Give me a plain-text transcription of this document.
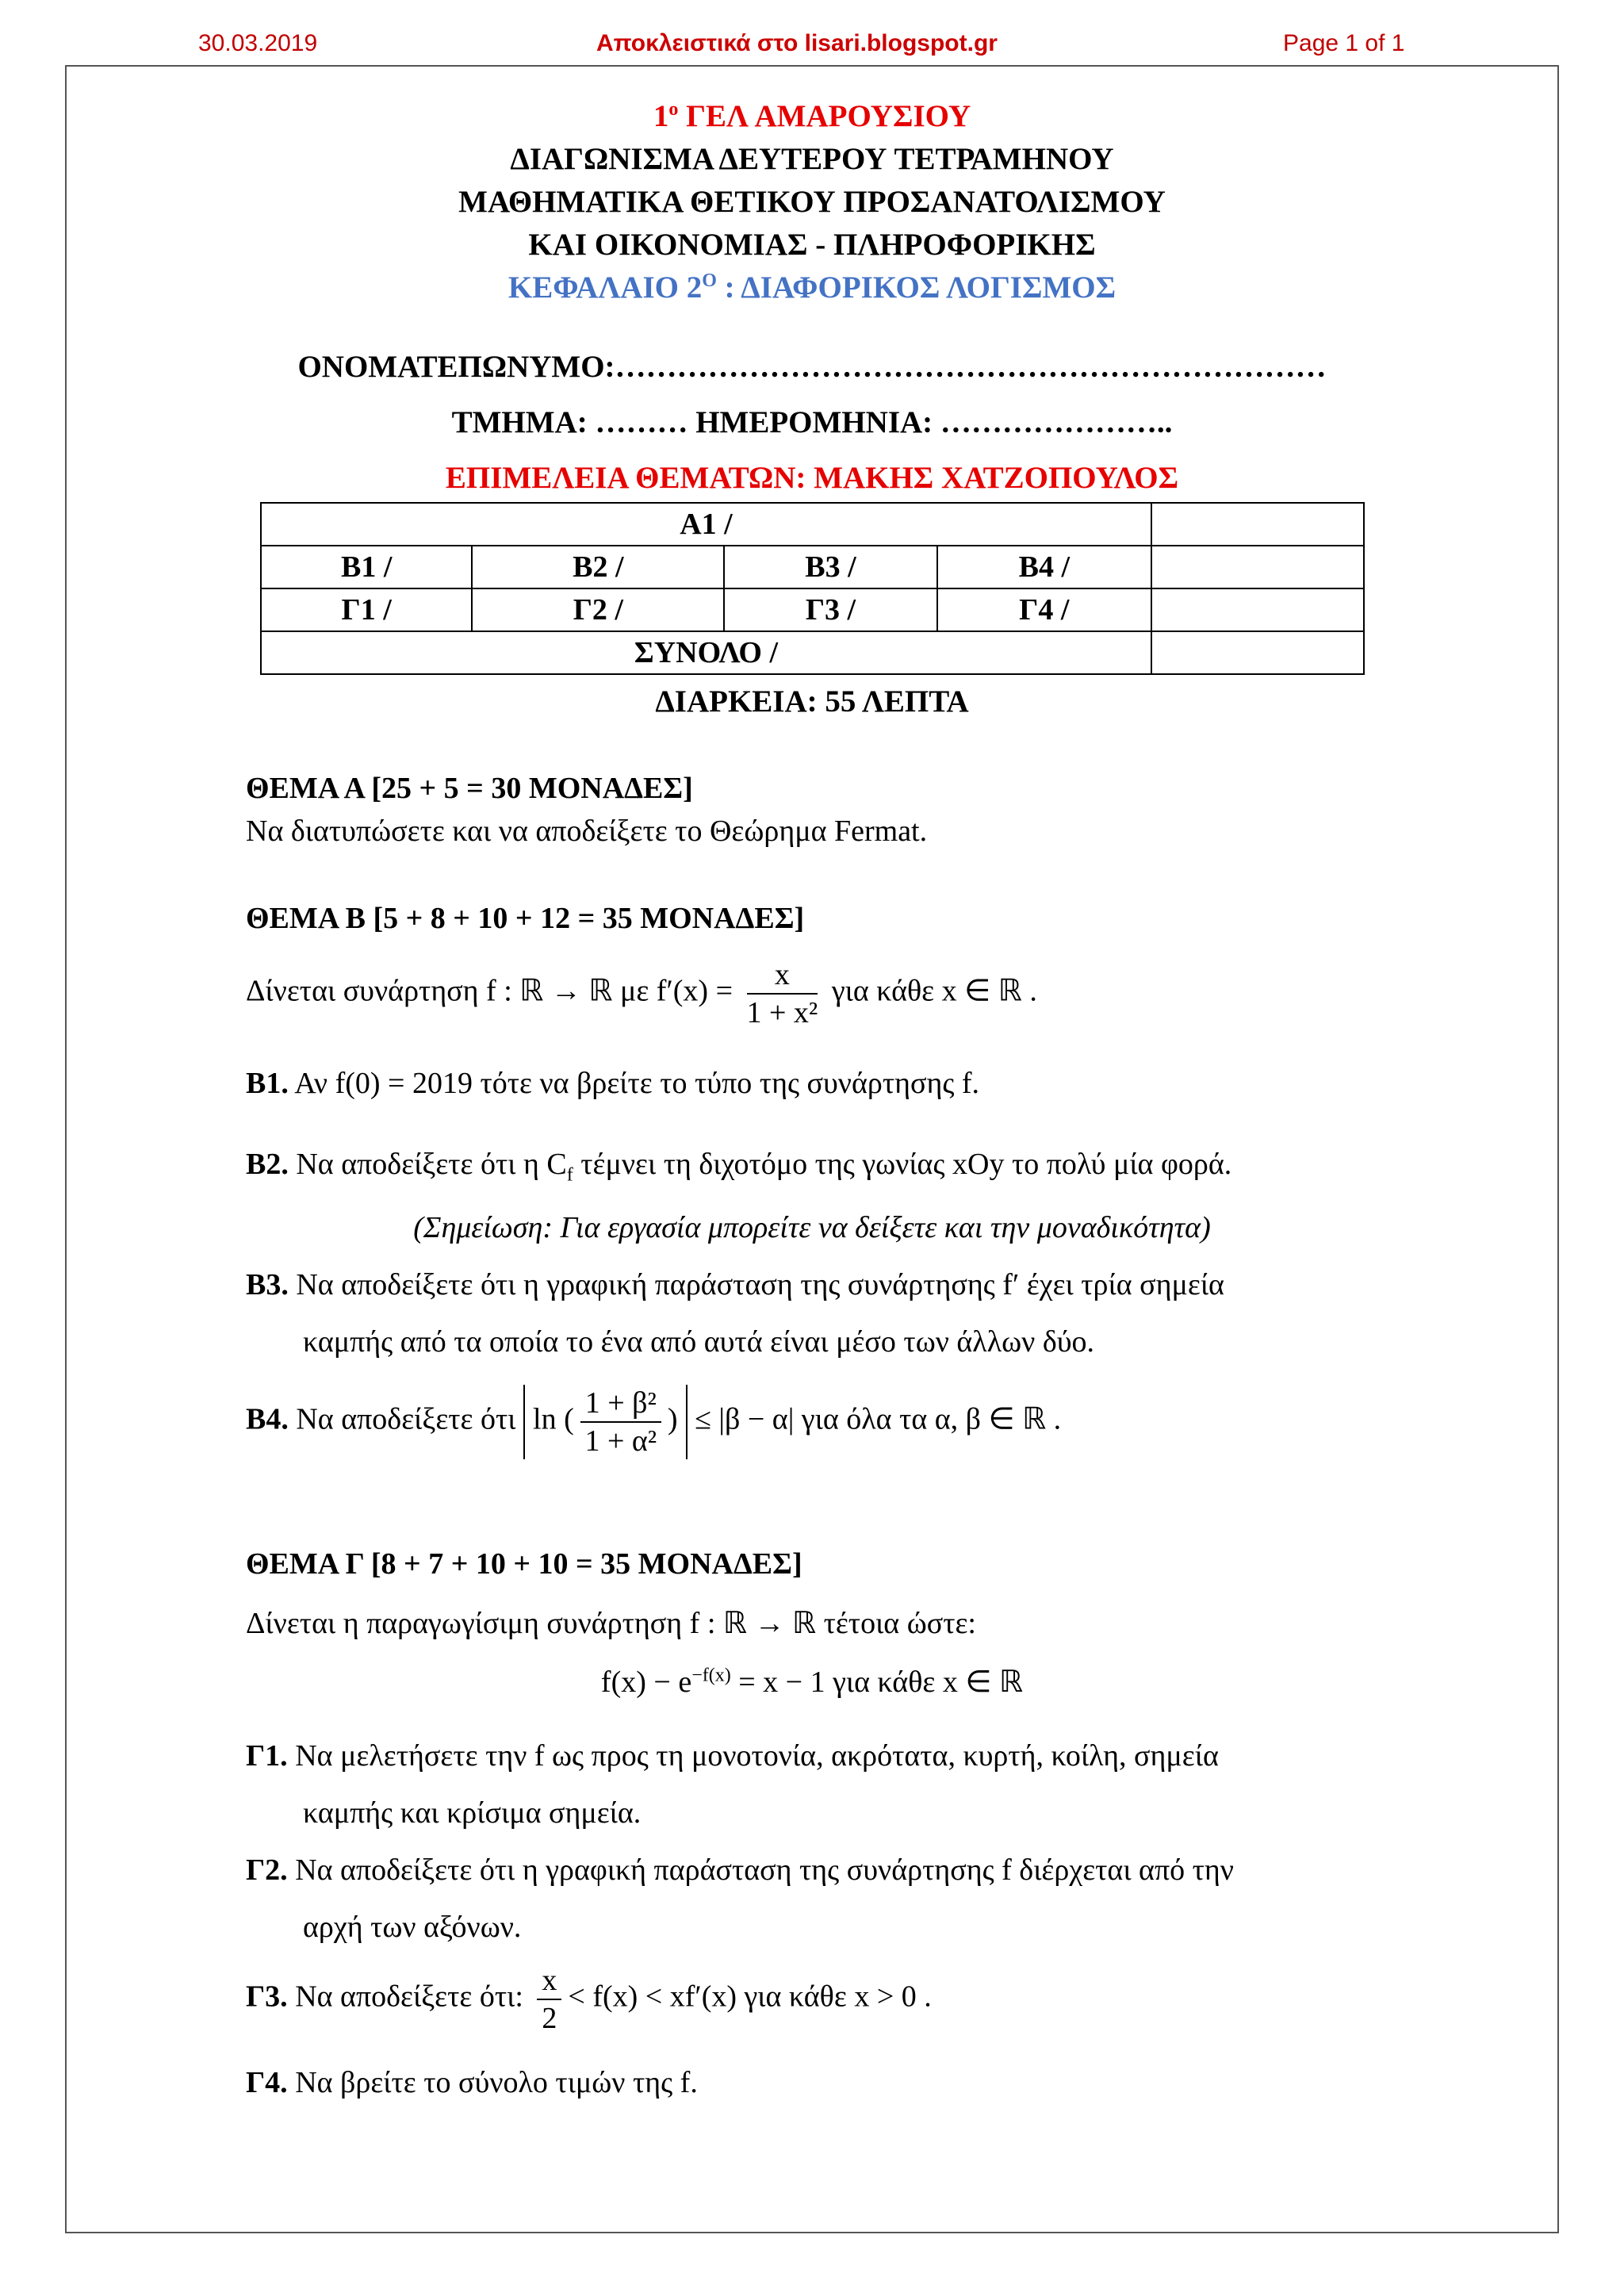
30.03.2019	Αποκλειστικά στο lisari.blogspot.gr	Page 1 of 1
$1^o$ ΓΕΛ ΑΜΑΡΟΥΣΙΟΥ
ΔΙΑΓΩΝΙΣΜΑ ΔΕΥΤΕΡΟΥ ΤΕΤΡΑΜΗΝΟΥ
ΜΑΘΗΜΑΤΙΚΑ ΘΕΤΙΚΟΥ ΠΡΟΣΑΝΑΤΟΛΙΣΜΟΥ
ΚΑΙ ΟΙΚΟΝΟΜΙΑΣ - ΠΛΗΡΟΦΟΡΙΚΗΣ
ΚΕΦΑΛΑΙΟ $2^O$ : ΔΙΑΦΟΡΙΚΟΣ ΛΟΓΙΣΜΟΣ
ΟΝΟΜΑΤΕΠΩΝΥΜΟ:……………………………………………………………
ΤΜΗΜΑ: ……… ΗΜΕΡΟΜΗΝΙΑ: …………………..
ΕΠΙΜΕΛΕΙΑ ΘΕΜΑΤΩΝ: ΜΑΚΗΣ ΧΑΤΖΟΠΟΥΛΟΣ
Α1 /				
Β1 /	Β2 /	Β3 /	Β4 /	
Γ1 /	Γ2 /	Γ3 /	Γ4 /	
ΣΥΝΟΛΟ /				
ΔΙΑΡΚΕΙΑ: 55 ΛΕΠΤΑ
ΘΕΜΑ Α [25 + 5 = 30 ΜΟΝΑΔΕΣ]
Να διατυπώσετε και να αποδείξετε το Θεώρημα Fermat.
ΘΕΜΑ Β [5 + 8 + 10 + 12 = 35 ΜΟΝΑΔΕΣ]
Δίνεται συνάρτηση f : ℝ → ℝ με $f'(x) = \frac{x}{\text{1 + x²}}$ για κάθε x ∈ ℝ .
Β1. Αν f(0) = 2019 τότε να βρείτε το τύπο της συνάρτησης f.
Β2. Να αποδείξετε ότι η $C_f$ τέμνει τη διχοτόμο της γωνίας xOy το πολύ μία φορά.
(Σημείωση: Για εργασία μπορείτε να δείξετε και την μοναδικότητα)
Β3. Να αποδείξετε ότι η γραφική παράσταση της συνάρτησης f′ έχει τρία σημεία
καμπής από τα οποία το ένα από αυτά είναι μέσο των άλλων δύο.
Β4. Να αποδείξετε ότι ln ( $\frac{\text{1 + β²}}{\text{1 + α²}}$ ) ≤ |β − α| για όλα τα α, β ∈ ℝ .
ΘΕΜΑ Γ [8 + 7 + 10 + 10 = 35 ΜΟΝΑΔΕΣ]
Δίνεται η παραγωγίσιμη συνάρτηση f : ℝ → ℝ τέτοια ώστε:
$f(x) - e^{-f(x)} = x - 1$ για κάθε x ∈ ℝ
Γ1. Να μελετήσετε την f ως προς τη μονοτονία, ακρότατα, κυρτή, κοίλη, σημεία
καμπής και κρίσιμα σημεία.
Γ2. Να αποδείξετε ότι η γραφική παράσταση της συνάρτησης f διέρχεται από την
αρχή των αξόνων.
Γ3. Να αποδείξετε ότι: $\frac{x}{2} < f(x) < xf'(x)$ για κάθε x > 0 .
Γ4. Να βρείτε το σύνολο τιμών της f.
